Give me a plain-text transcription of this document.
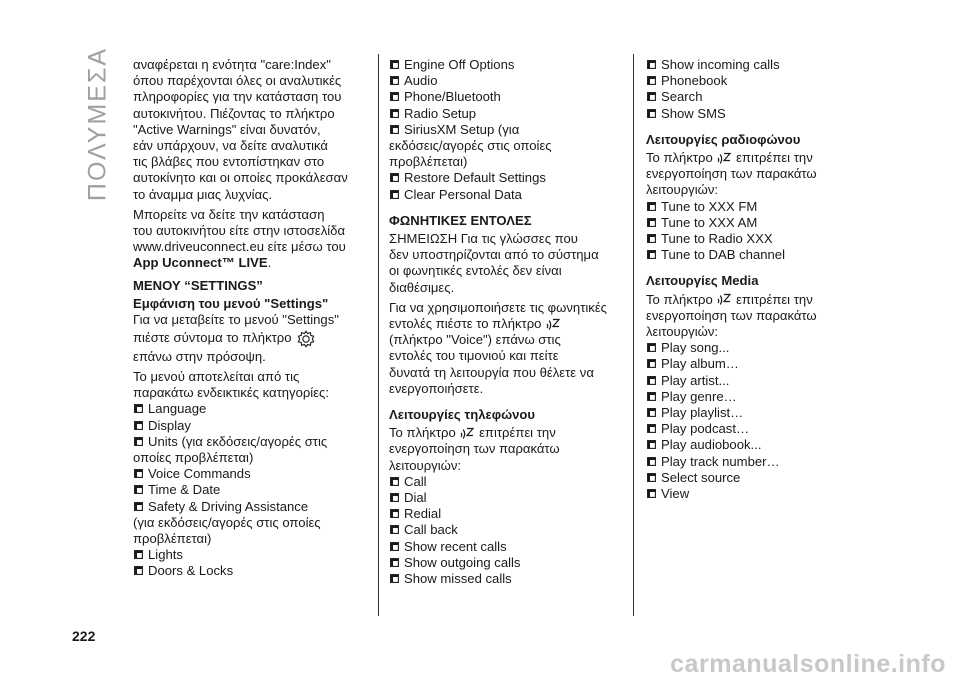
ΠΟΛΥΜΕΣΑ αναφέρεται η ενότητα "care:Index"

όπου παρέχονται όλες οι αναλυτικές

πληροφορίες για την κατάσταση του

αυτοκινήτου. Πιέζοντας το πλήκτρο

"Active Warnings" είναι δυνατόν,

εάν υπάρχουν, να δείτε αναλυτικά

τις βλάβες που εντοπίστηκαν στο

αυτοκίνητο και οι οποίες προκάλεσαν

το άναμμα μιας λυχνίας.

Μπορείτε να δείτε την κατάσταση

του αυτοκινήτου είτε στην ιστοσελίδα

www.driveuconnect.eu είτε μέσω του

App Uconnect™ LIVE.

ΜΕΝΟΥ “SETTINGS”

Εμφάνιση του μενού "Settings"

Για να μεταβείτε το μενού "Settings"

πιέστε σύντομα το πλήκτρο

επάνω στην πρόσοψη.

Το μενού αποτελείται από τις

παρακάτω ενδεικτικές κατηγορίες:

Language
Display
Units (για εκδόσεις/αγορές στις

οποίες προβλέπεται)

Voice Commands
Time & Date
Safety & Driving Assistance

(για εκδόσεις/αγορές στις οποίες

προβλέπεται)

Lights
Doors & Locks
Engine Off Options
Audio
Phone/Bluetooth
Radio Setup
SiriusXM Setup (για

εκδόσεις/αγορές στις οποίες

προβλέπεται)

Restore Default Settings
Clear Personal Data
ΦΩΝΗΤΙΚΕΣ ΕΝΤΟΛΕΣ

ΣΗΜΕΙΩΣΗ Για τις γλώσσες που

δεν υποστηρίζονται από το σύστημα

οι φωνητικές εντολές δεν είναι

διαθέσιμες.

Για να χρησιμοποιήσετε τις φωνητικές

εντολές πιέστε το πλήκτρο

(πλήκτρο "Voice") επάνω στις

εντολές του τιμονιού και πείτε

δυνατά τη λειτουργία που θέλετε να

ενεργοποιήσετε.

Λειτουργίες τηλεφώνου

Το πλήκτρο επιτρέπει την

ενεργοποίηση των παρακάτω

λειτουργιών:

Call
Dial
Redial
Call back
Show recent calls
Show outgoing calls
Show missed calls
Show incoming calls
Phonebook
Search
Show SMS
Λειτουργίες ραδιοφώνου

Το πλήκτρο επιτρέπει την

ενεργοποίηση των παρακάτω

λειτουργιών:

Tune to XXX FM
Tune to XXX AM
Tune to Radio XXX
Tune to DAB channel
Λειτουργίες Media

Το πλήκτρο επιτρέπει την

ενεργοποίηση των παρακάτω

λειτουργιών:

Play song...
Play album…
Play artist...
Play genre…
Play playlist…
Play podcast…
Play audiobook...
Play track number…
Select source
View
222
carmanualsonline.info
